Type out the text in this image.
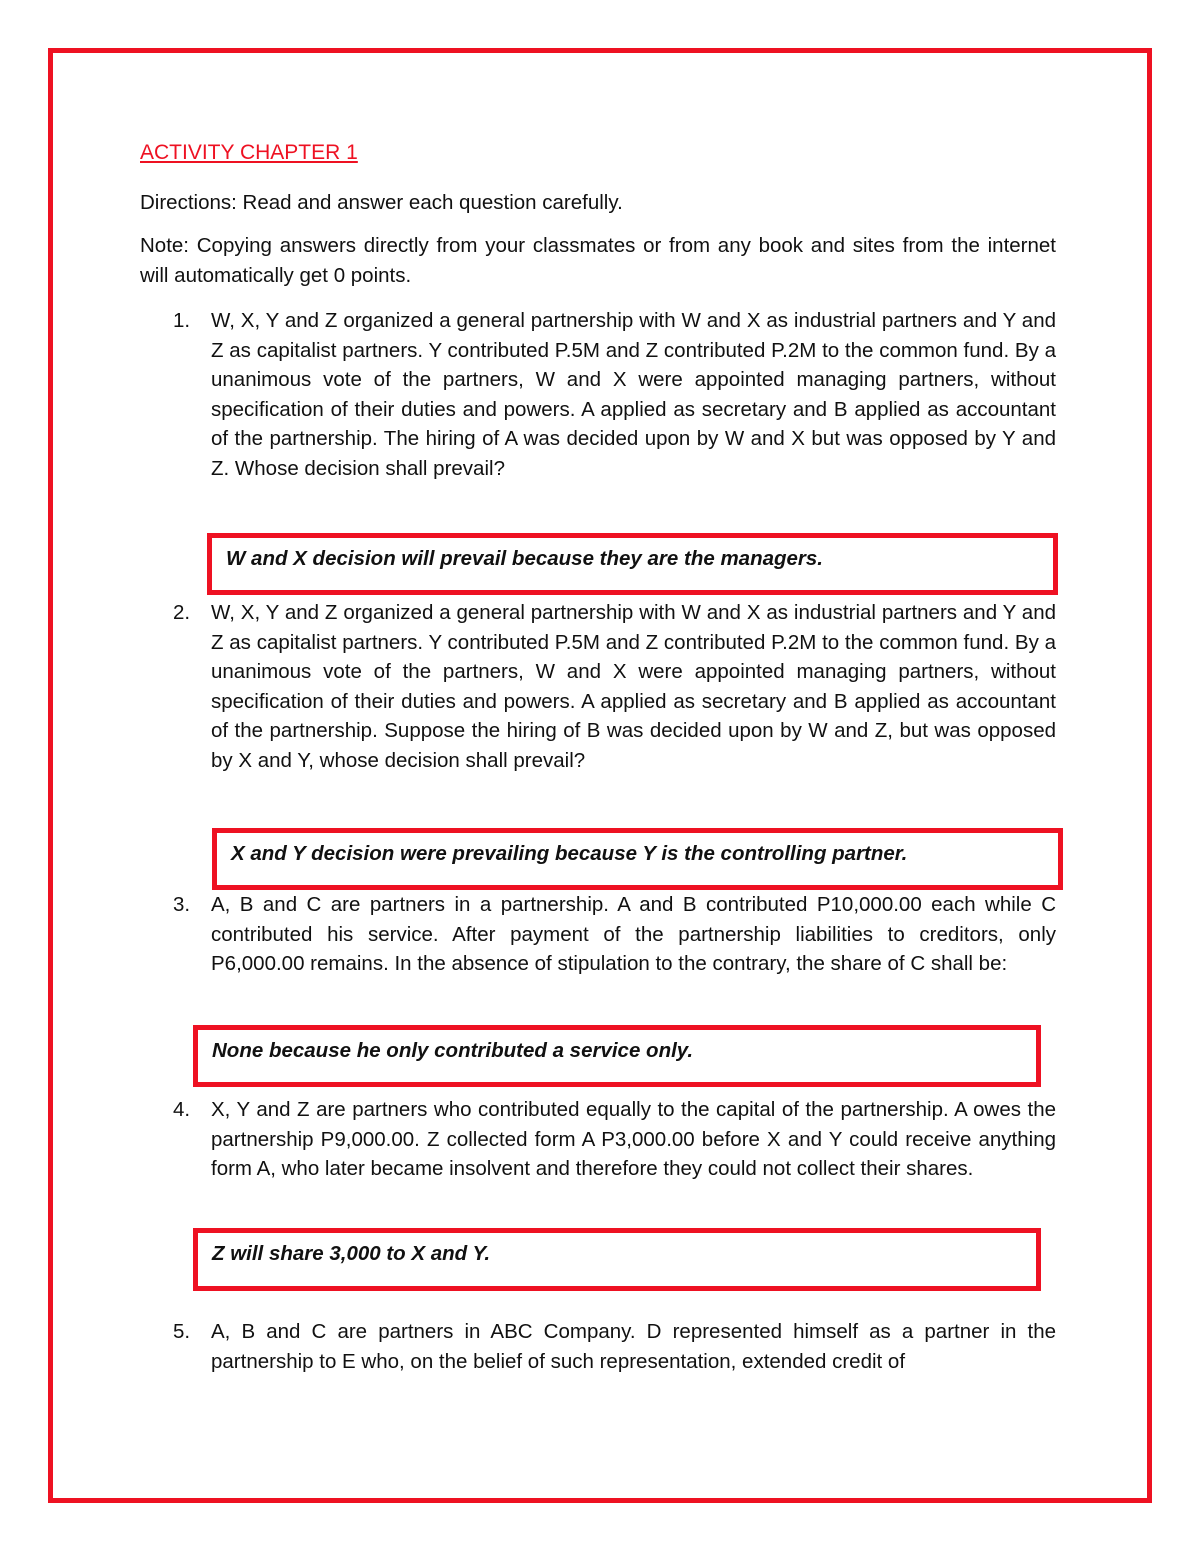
ACTIVITY CHAPTER 1

Directions: Read and answer each question carefully.

Note: Copying answers directly from your classmates or from any book and sites from the internet will automatically get 0 points.

1.	W, X, Y and Z organized a general partnership with W and X as industrial partners and Y and Z as capitalist partners. Y contributed P.5M and Z contributed P.2M to the common fund. By a unanimous vote of the partners, W and X were appointed managing partners, without specification of their duties and powers. A applied as secretary and B applied as accountant of the partnership. The hiring of A was decided upon by W and X but was opposed by Y and Z. Whose decision shall prevail?

W and X decision will prevail because they are the managers.
2.	W, X, Y and Z organized a general partnership with W and X as industrial partners and Y and Z as capitalist partners. Y contributed P.5M and Z contributed P.2M to the common fund. By a unanimous vote of the partners, W and X were appointed managing partners, without specification of their duties and powers. A applied as secretary and B applied as accountant of the partnership. Suppose the hiring of B was decided upon by W and Z, but was opposed by X and Y, whose decision shall prevail?

X and Y decision were prevailing because Y is the controlling partner.
3.	A, B and C are partners in a partnership. A and B contributed P10,000.00 each while C contributed his service. After payment of the partnership liabilities to creditors, only P6,000.00 remains. In the absence of stipulation to the contrary, the share of C shall be:

None because he only contributed a service only.
4.	X, Y and Z are partners who contributed equally to the capital of the partnership. A owes the partnership P9,000.00. Z collected form A P3,000.00 before X and Y could receive anything form A, who later became insolvent and therefore they could not collect their shares.

Z will share 3,000 to X and Y.
5.	A, B and C are partners in ABC Company. D represented himself as a partner in the partnership to E who, on the belief of such representation, extended credit of
